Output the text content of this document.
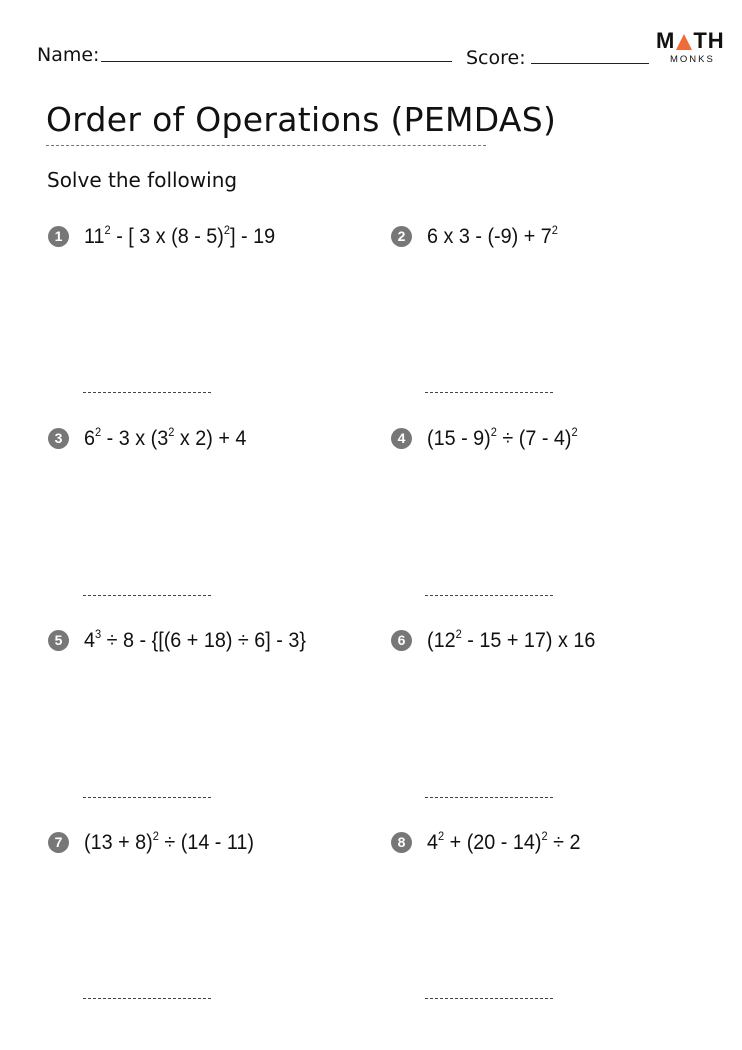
Name:	Score:
M TH
MONKS
Order of Operations (PEMDAS)
Solve the following
1	$11^2$ - [ 3 x (8 - 5)$^2$] - 19	2	6 x $3 - (-9) + 7^2$
3	$6^2 - 3$ x ($3^2$ x 2) + 4	4	(15 - 9)$^2$ ÷ (7 - 4)$^2$
5	$4^3 \div 8 - \{[(6 + 18) \div 6] - 3\}$	6	$(12^2 - 15 + 17)$ x 16
7	$(13 + 8)^2 \div (14 - 11)$	8	$4^2 + (20 - 14)^2 \div 2$
